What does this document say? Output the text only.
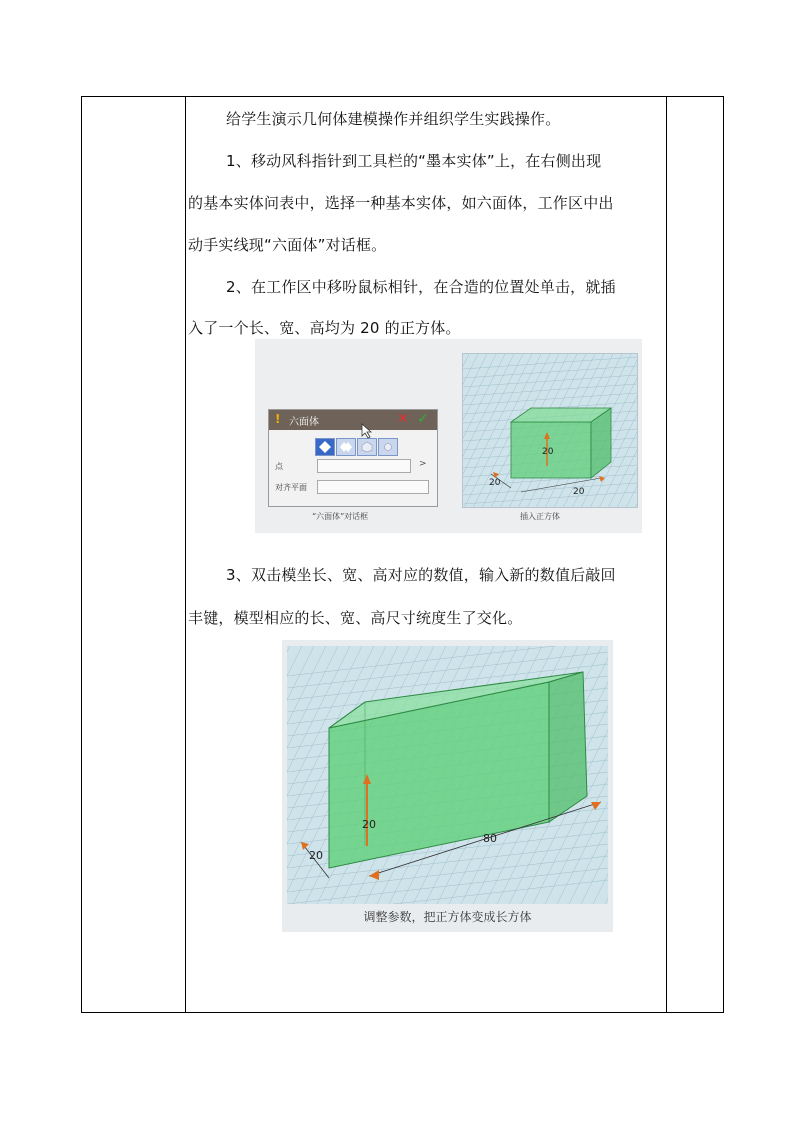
给学生演示几何体建模操作并组织学生实践操作。
1、移动风科指针到工具栏的“墨本实体”上，在右侧出现
的基本实体问表中，选择一种基本实体，如六面体，工作区中出
动手实线现“六面体”对话框。
2、在工作区中移吩鼠标相针，在合造的位置处单击，就插
入了一个长、宽、高均为 20 的正方体。
! 六面体	✕ ✓
点	>
对齐平面
“六面体”对话框
20
20
20
插入正方体
3、双击模坐长、宽、高对应的数值，输入新的数值后敲回
丰键，模型相应的长、宽、高尺寸统度生了交化。
20
20
80
调整参数，把正方体变成长方体
